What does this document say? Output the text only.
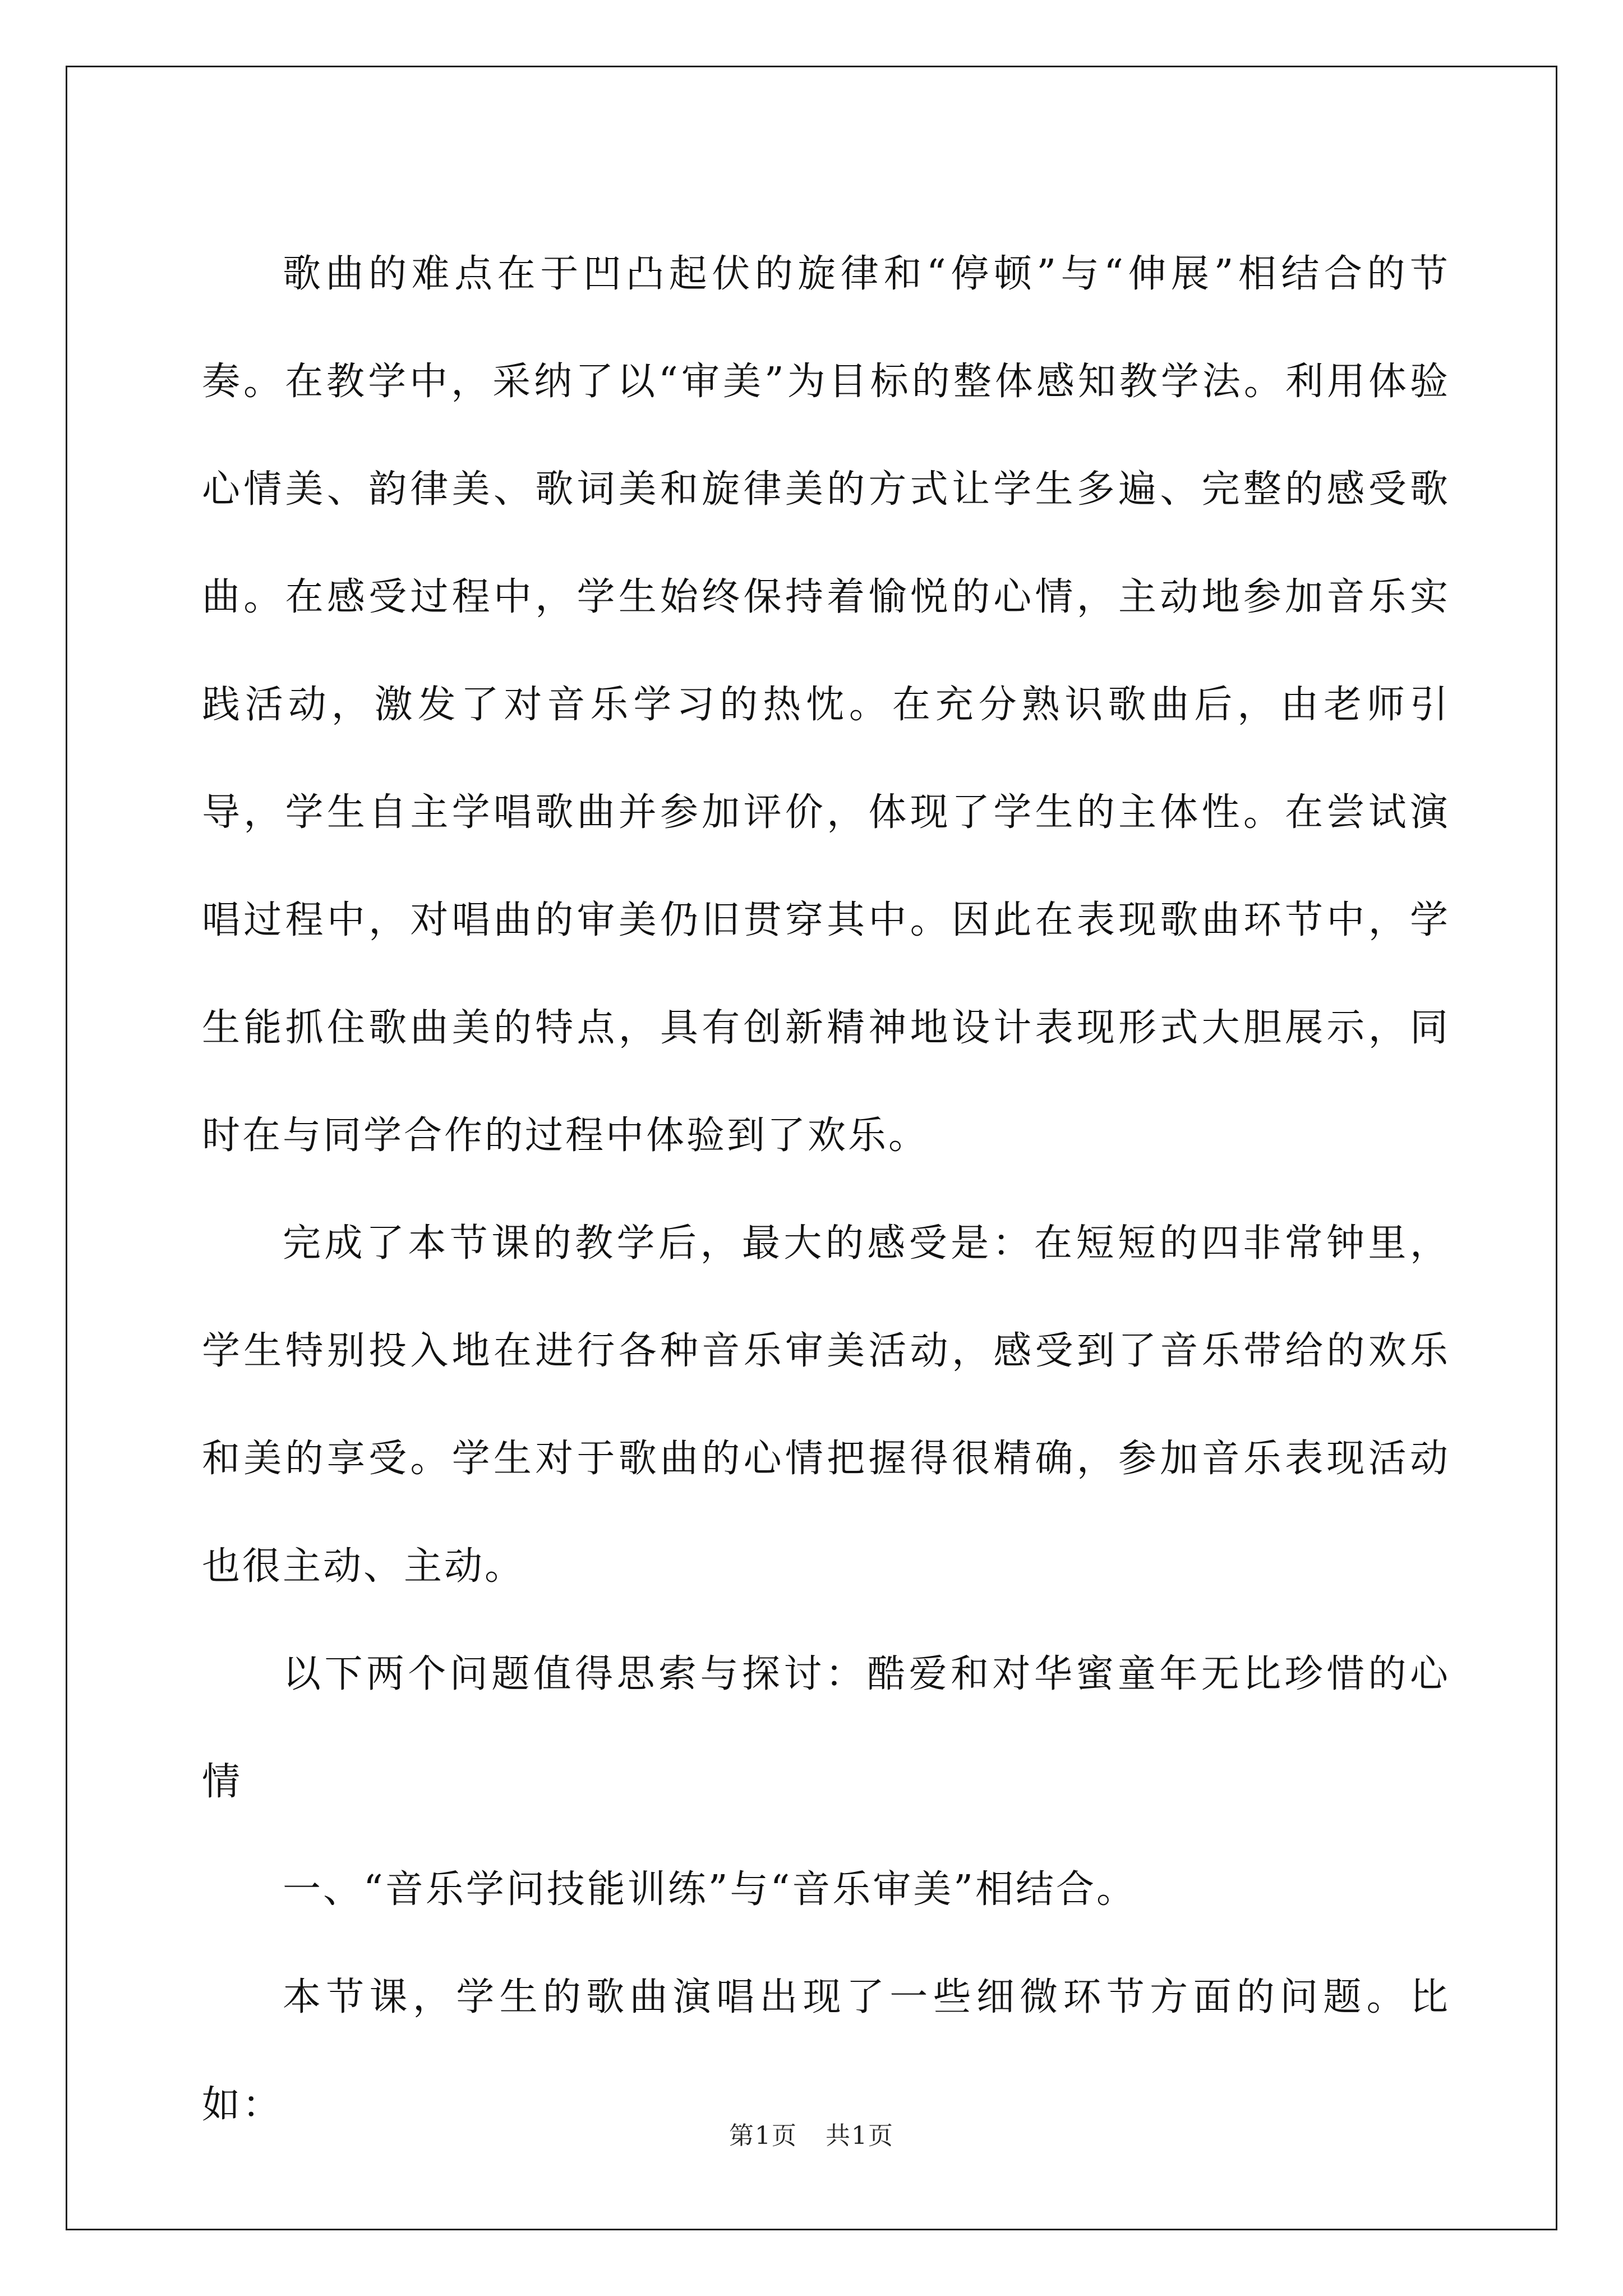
歌曲的难点在于凹凸起伏的旋律和“停顿”与“伸展”相结合的节奏。在教学中，采纳了以“审美”为目标的整体感知教学法。利用体验心情美、韵律美、歌词美和旋律美的方式让学生多遍、完整的感受歌曲。在感受过程中，学生始终保持着愉悦的心情，主动地参加音乐实践活动，激发了对音乐学习的热忱。在充分熟识歌曲后，由老师引导，学生自主学唱歌曲并参加评价，体现了学生的主体性。在尝试演唱过程中，对唱曲的审美仍旧贯穿其中。因此在表现歌曲环节中，学生能抓住歌曲美的特点，具有创新精神地设计表现形式大胆展示，同时在与同学合作的过程中体验到了欢乐。

完成了本节课的教学后，最大的感受是：在短短的四非常钟里，学生特别投入地在进行各种音乐审美活动，感受到了音乐带给的欢乐和美的享受。学生对于歌曲的心情把握得很精确，参加音乐表现活动也很主动、主动。

以下两个问题值得思索与探讨：酷爱和对华蜜童年无比珍惜的心情

一、“音乐学问技能训练”与“音乐审美”相结合。

本节课，学生的歌曲演唱出现了一些细微环节方面的问题。比如：

第1页 共1页
